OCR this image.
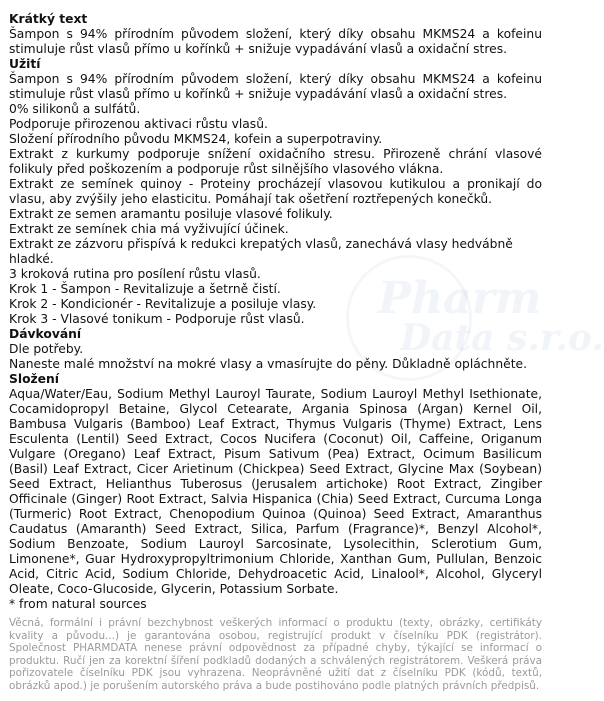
Pharm
Data s.r.o.

Krátký text

Šampon s 94% přírodním původem složení, který díky obsahu MKMS24 a kofeinu stimuluje růst vlasů přímo u kořínků + snižuje vypadávání vlasů a oxidační stres.

Užití

Šampon s 94% přírodním původem složení, který díky obsahu MKMS24 a kofeinu stimuluje růst vlasů přímo u kořínků + snižuje vypadávání vlasů a oxidační stres.

0% silikonů a sulfátů.

Podporuje přirozenou aktivaci růstu vlasů.

Složení přírodního původu MKMS24, kofein a superpotraviny.

Extrakt z kurkumy podporuje snížení oxidačního stresu. Přirozeně chrání vlasové folikuly před poškozením a podporuje růst silnějšího vlasového vlákna.

Extrakt ze semínek quinoy - Proteiny procházejí vlasovou kutikulou a pronikají do vlasu, aby zvýšily jeho elasticitu. Pomáhají tak ošetření roztřepených konečků.

Extrakt ze semen aramantu posiluje vlasové folikuly.

Extrakt ze semínek chia má vyživující účinek.

Extrakt ze zázvoru přispívá k redukci krepatých vlasů, zanechává vlasy hedvábně hladké.

3 kroková rutina pro posílení růstu vlasů.

Krok 1 - Šampon - Revitalizuje a šetrně čistí.

Krok 2 - Kondicionér - Revitalizuje a posiluje vlasy.

Krok 3 - Vlasové tonikum - Podporuje růst vlasů.

Dávkování

Dle potřeby.

Naneste malé množství na mokré vlasy a vmasírujte do pěny. Důkladně opláchněte.

Složení

Aqua/Water/Eau, Sodium Methyl Lauroyl Taurate, Sodium Lauroyl Methyl Isethionate, Cocamidopropyl Betaine, Glycol Cetearate, Argania Spinosa (Argan) Kernel Oil, Bambusa Vulgaris (Bamboo) Leaf Extract, Thymus Vulgaris (Thyme) Extract, Lens Esculenta (Lentil) Seed Extract, Cocos Nucifera (Coconut) Oil, Caffeine, Origanum Vulgare (Oregano) Leaf Extract, Pisum Sativum (Pea) Extract, Ocimum Basilicum (Basil) Leaf Extract, Cicer Arietinum (Chickpea) Seed Extract, Glycine Max (Soybean) Seed Extract, Helianthus Tuberosus (Jerusalem artichoke) Root Extract, Zingiber Officinale (Ginger) Root Extract, Salvia Hispanica (Chia) Seed Extract, Curcuma Longa (Turmeric) Root Extract, Chenopodium Quinoa (Quinoa) Seed Extract, Amaranthus Caudatus (Amaranth) Seed Extract, Silica, Parfum (Fragrance)*, Benzyl Alcohol*, Sodium Benzoate, Sodium Lauroyl Sarcosinate, Lysolecithin, Sclerotium Gum, Limonene*, Guar Hydroxypropyltrimonium Chloride, Xanthan Gum, Pullulan, Benzoic Acid, Citric Acid, Sodium Chloride, Dehydroacetic Acid, Linalool*, Alcohol, Glyceryl Oleate, Coco-Glucoside, Glycerin, Potassium Sorbate.

* from natural sources

Věcná, formální i právní bezchybnost veškerých informací o produktu (texty, obrázky, certifikáty kvality a původu...) je garantována osobou, registrující produkt v číselníku PDK (registrátor). Společnost PHARMDATA nenese právní odpovědnost za případné chyby, týkající se informací o produktu. Ručí jen za korektní šíření podkladů dodaných a schválených registrátorem. Veškerá práva pořizovatele číselníku PDK jsou vyhrazena. Neoprávněné užití dat z číselníku PDK (kódů, textů, obrázků apod.) je porušením autorského práva a bude postihováno podle platných právních předpisů.
